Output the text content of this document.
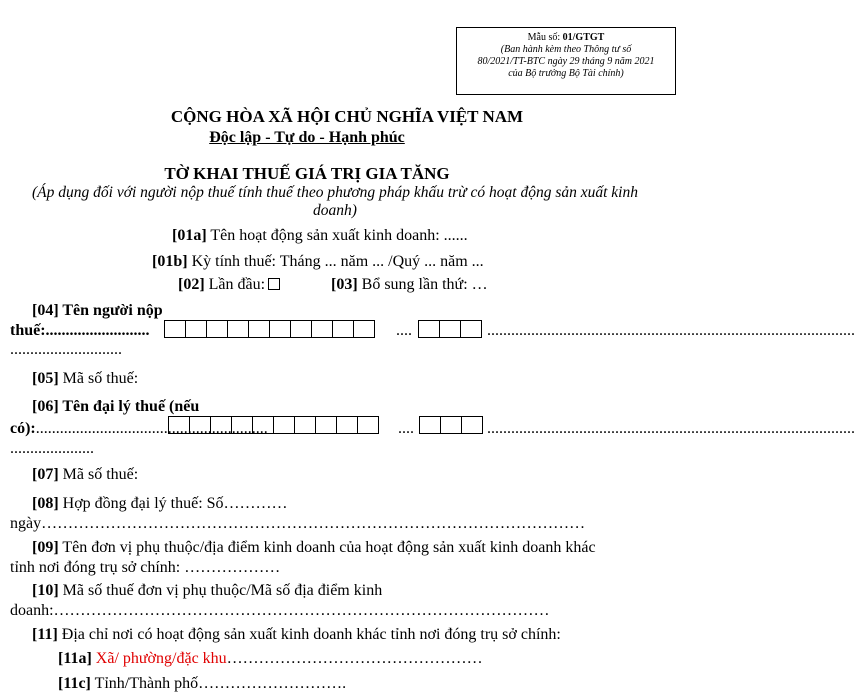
Mẫu số: 01/GTGT
(Ban hành kèm theo Thông tư số
80/2021/TT-BTC ngày 29 tháng 9 năm 2021
của Bộ trưởng Bộ Tài chính)
CỘNG HÒA XÃ HỘI CHỦ NGHĨA VIỆT NAM
Độc lập - Tự do - Hạnh phúc
TỜ KHAI THUẾ GIÁ TRỊ GIA TĂNG
(Áp dụng đối với người nộp thuế tính thuế theo phương pháp khấu trừ có hoạt động sản xuất kinh doanh)
[01a] Tên hoạt động sản xuất kinh doanh: ......
[01b] Kỳ tính thuế: Tháng ... năm ... /Quý ... năm ...
[02] Lần đầu:	[03] Bổ sung lần thứ: …
[04] Tên người nộp
thuế:..........................	....	............................................................................................
............................
[05] Mã số thuế:
[06] Tên đại lý thuế (nếu
có):..........................................................	....	............................................................................................
.....................
[07] Mã số thuế:
[08] Hợp đồng đại lý thuế: Số…………
ngày…………………………………………………………………………………………
[09] Tên đơn vị phụ thuộc/địa điểm kinh doanh của hoạt động sản xuất kinh doanh khác
tỉnh nơi đóng trụ sở chính: ………………
[10] Mã số thuế đơn vị phụ thuộc/Mã số địa điểm kinh
doanh:…………………………………………………………………………………
[11] Địa chỉ nơi có hoạt động sản xuất kinh doanh khác tỉnh nơi đóng trụ sở chính:
[11a] Xã/ phường/đặc khu…………………………………………
[11c] Tỉnh/Thành phố……………………….
